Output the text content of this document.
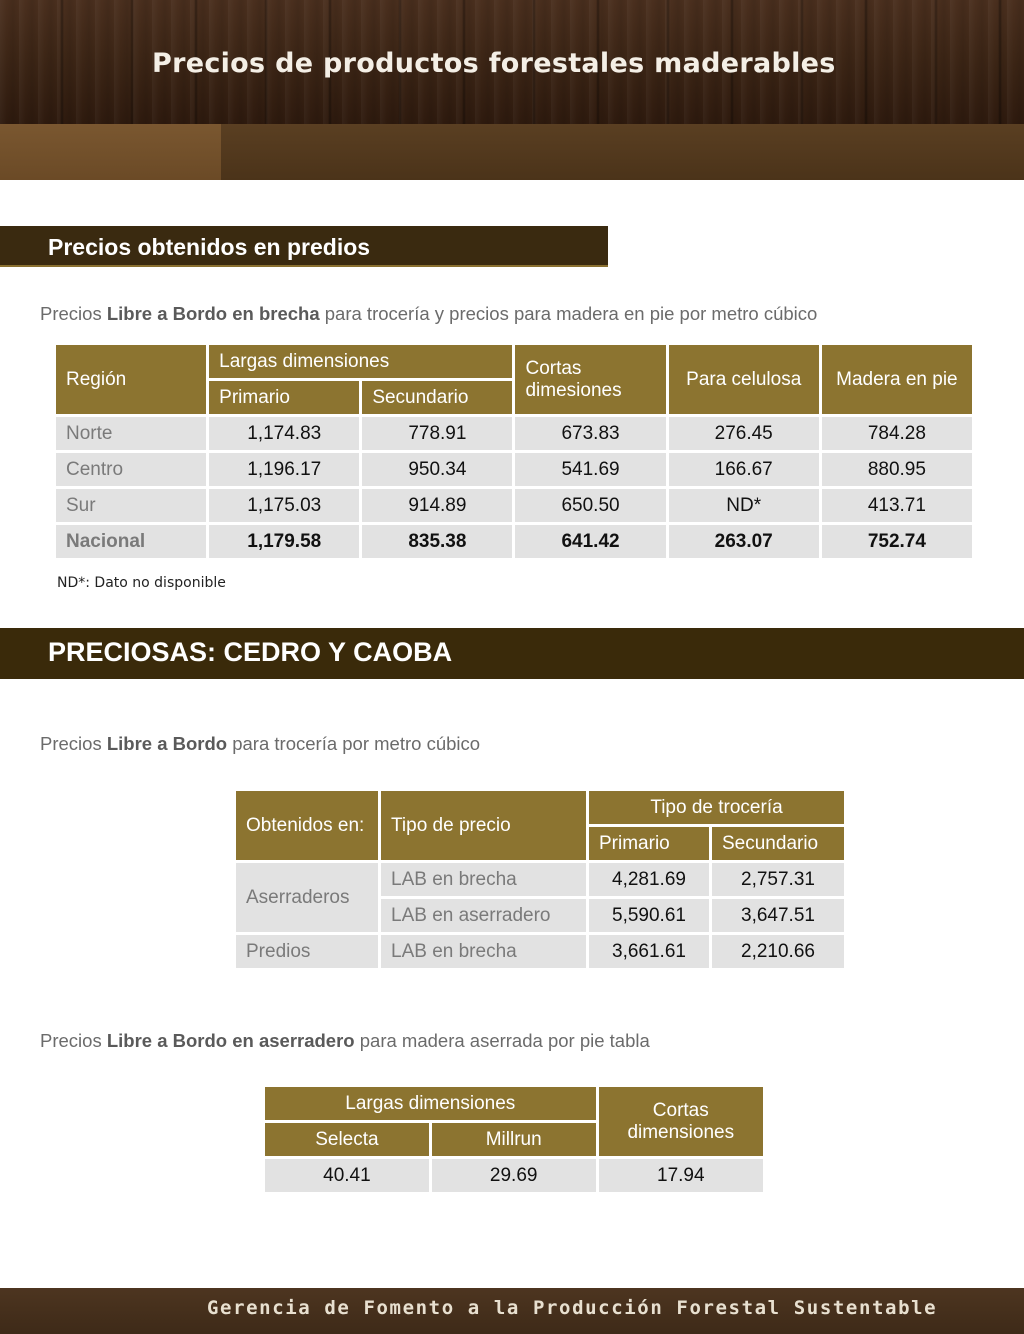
Precios de productos forestales maderables
Precios obtenidos en predios
Precios Libre a Bordo en brecha para trocería y precios para madera en pie por metro cúbico
Región	Largas dimensiones		Cortas dimesiones	Para celulosa	Madera en pie
	Primario	Secundario			
Norte	1,174.83	778.91	673.83	276.45	784.28
Centro	1,196.17	950.34	541.69	166.67	880.95
Sur	1,175.03	914.89	650.50	ND*	413.71
Nacional	1,179.58	835.38	641.42	263.07	752.74
ND*: Dato no disponible
PRECIOSAS: CEDRO Y CAOBA
Precios Libre a Bordo para trocería por metro cúbico
Obtenidos en:	Tipo de precio	Tipo de trocería	
		Primario	Secundario
Aserraderos	LAB en brecha	4,281.69	2,757.31
	LAB en aserradero	5,590.61	3,647.51
Predios	LAB en brecha	3,661.61	2,210.66
Precios Libre a Bordo en aserradero para madera aserrada por pie tabla
Largas dimensiones		Cortas dimensiones
Selecta	Millrun	
40.41	29.69	17.94
Gerencia de Fomento a la Producción Forestal Sustentable
